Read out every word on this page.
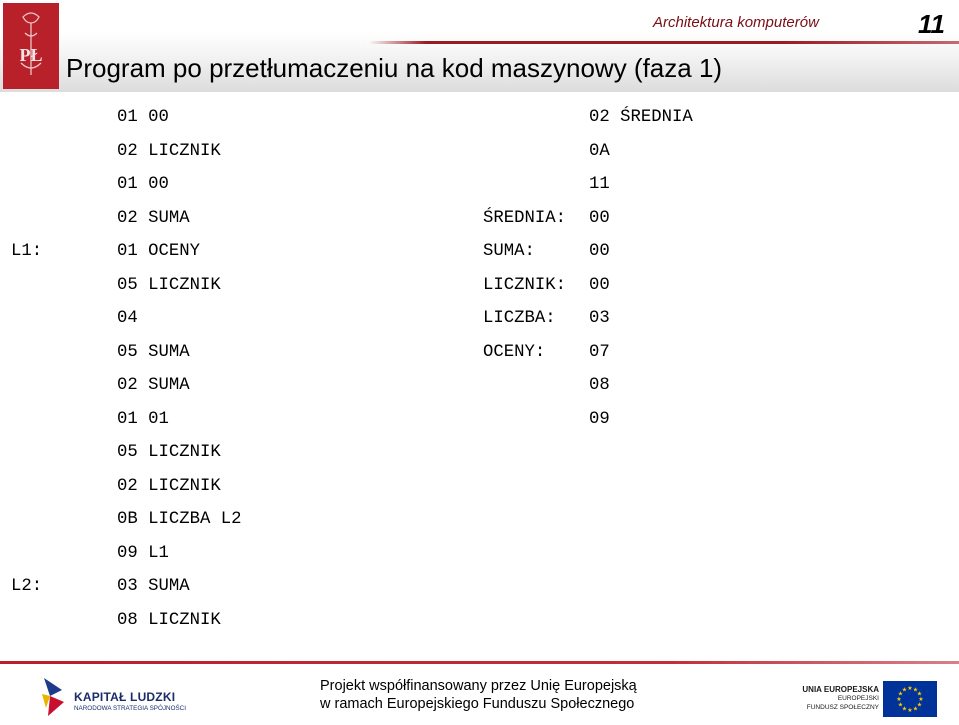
PŁ
Architektura komputerów	11
Program po przetłumaczeniu na kod maszynowy (faza 1)
01 00
02 LICZNIK
01 00
02 SUMA
L1:	01 OCENY
05 LICZNIK
04
05 SUMA
02 SUMA
01 01
05 LICZNIK
02 LICZNIK
0B LICZBA L2
09 L1
L2:	03 SUMA
08 LICZNIK
02 ŚREDNIA
0A
11
ŚREDNIA: 00
SUMA:	00
LICZNIK: 00
LICZBA: 03
OCENY:	07
08
09
KAPITAŁ LUDZKI
NARODOWA STRATEGIA SPÓJNOŚCI
Projekt współfinansowany przez Unię Europejską
w ramach Europejskiego Funduszu Społecznego
UNIA EUROPEJSKA
EUROPEJSKI
FUNDUSZ SPOŁECZNY
★ ★
★
★
★
★
★
★
★
★
★
★
